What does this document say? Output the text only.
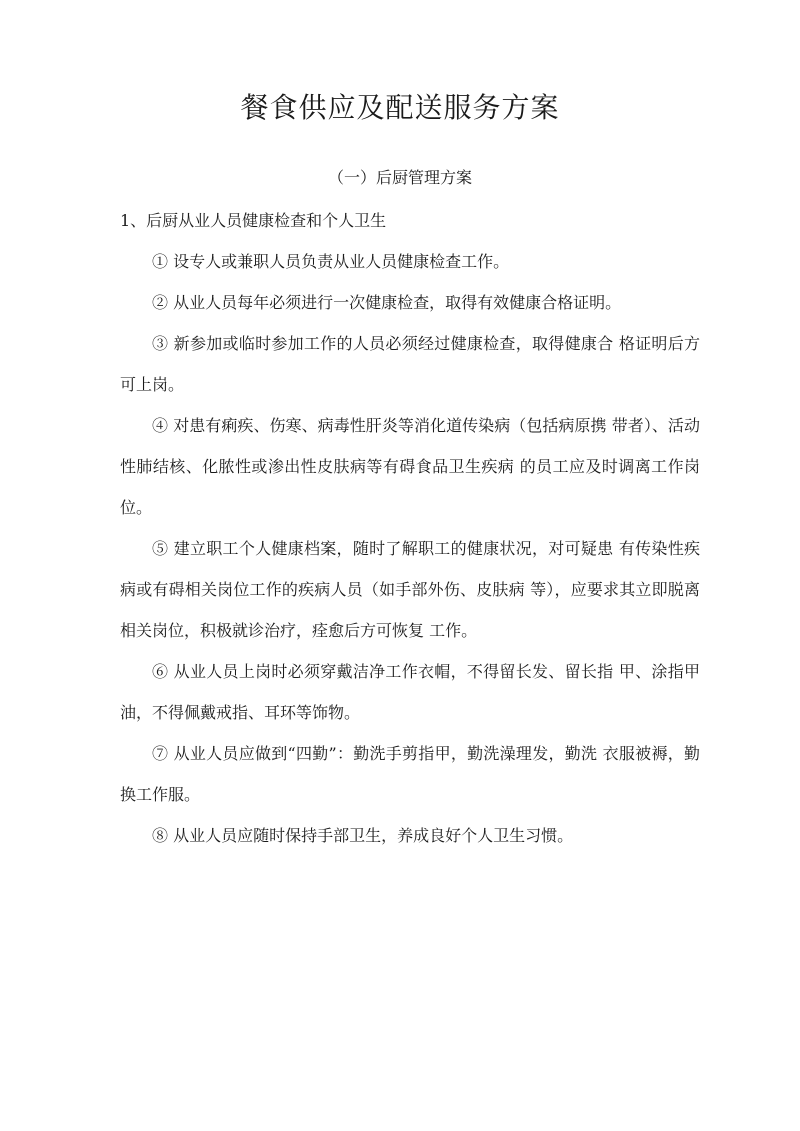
餐食供应及配送服务方案
（一）后厨管理方案

1、后厨从业人员健康检查和个人卫生

① 设专人或兼职人员负责从业人员健康检查工作。

② 从业人员每年必须进行一次健康检查，取得有效健康合格证明。

③ 新参加或临时参加工作的人员必须经过健康检查，取得健康合 格证明后方可上岗。

④ 对患有痢疾、伤寒、病毒性肝炎等消化道传染病（包括病原携 带者）、活动性肺结核、化脓性或渗出性皮肤病等有碍食品卫生疾病 的员工应及时调离工作岗位。

⑤ 建立职工个人健康档案，随时了解职工的健康状况，对可疑患 有传染性疾病或有碍相关岗位工作的疾病人员（如手部外伤、皮肤病 等），应要求其立即脱离相关岗位，积极就诊治疗，痊愈后方可恢复 工作。

⑥ 从业人员上岗时必须穿戴洁净工作衣帽，不得留长发、留长指 甲、涂指甲油，不得佩戴戒指、耳环等饰物。

⑦ 从业人员应做到“四勤”：勤洗手剪指甲，勤洗澡理发，勤洗 衣服被褥，勤换工作服。

⑧ 从业人员应随时保持手部卫生，养成良好个人卫生习惯。
